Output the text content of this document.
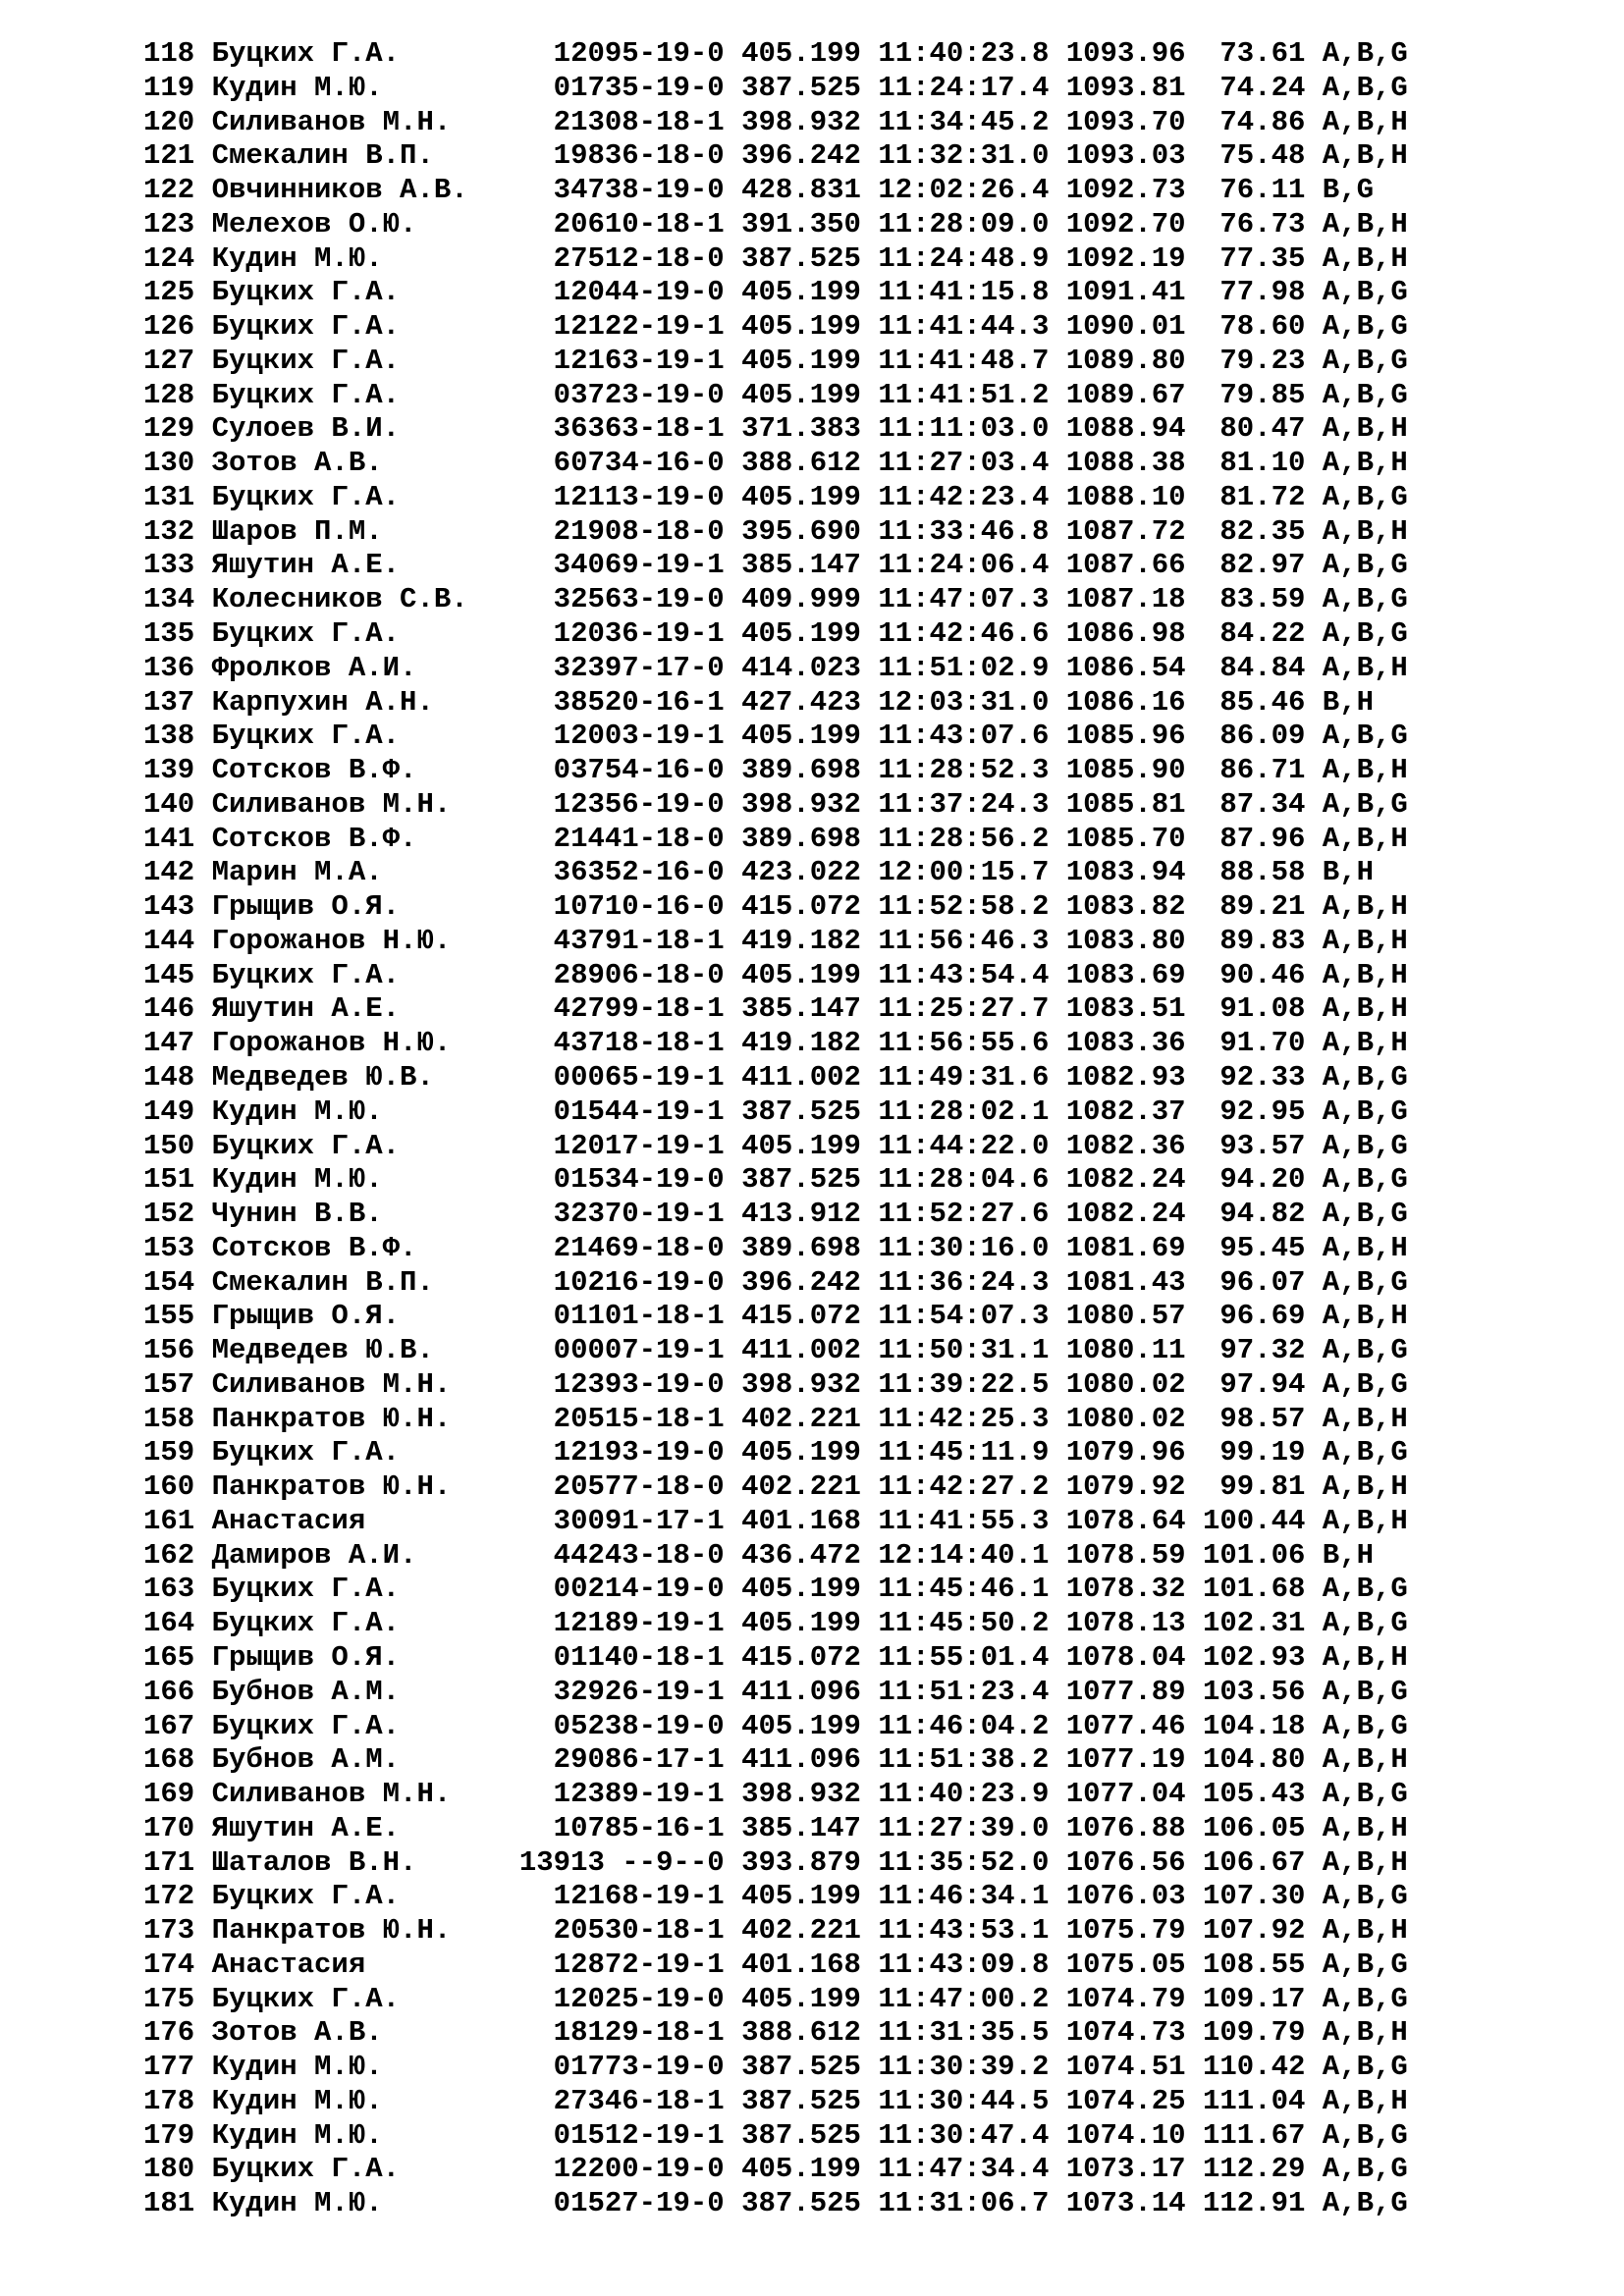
118 Буцких Г.А.         12095-19-0 405.199 11:40:23.8 1093.96  73.61 A,B,G
119 Кудин М.Ю.          01735-19-0 387.525 11:24:17.4 1093.81  74.24 A,B,G
120 Силиванов М.Н.      21308-18-1 398.932 11:34:45.2 1093.70  74.86 A,B,H
121 Смекалин В.П.       19836-18-0 396.242 11:32:31.0 1093.03  75.48 A,B,H
122 Овчинников А.В.     34738-19-0 428.831 12:02:26.4 1092.73  76.11 B,G
123 Мелехов О.Ю.        20610-18-1 391.350 11:28:09.0 1092.70  76.73 A,B,H
124 Кудин М.Ю.          27512-18-0 387.525 11:24:48.9 1092.19  77.35 A,B,H
125 Буцких Г.А.         12044-19-0 405.199 11:41:15.8 1091.41  77.98 A,B,G
126 Буцких Г.А.         12122-19-1 405.199 11:41:44.3 1090.01  78.60 A,B,G
127 Буцких Г.А.         12163-19-1 405.199 11:41:48.7 1089.80  79.23 A,B,G
128 Буцких Г.А.         03723-19-0 405.199 11:41:51.2 1089.67  79.85 A,B,G
129 Сулоев В.И.         36363-18-1 371.383 11:11:03.0 1088.94  80.47 A,B,H
130 Зотов А.В.          60734-16-0 388.612 11:27:03.4 1088.38  81.10 A,B,H
131 Буцких Г.А.         12113-19-0 405.199 11:42:23.4 1088.10  81.72 A,B,G
132 Шаров П.М.          21908-18-0 395.690 11:33:46.8 1087.72  82.35 A,B,H
133 Яшутин А.Е.         34069-19-1 385.147 11:24:06.4 1087.66  82.97 A,B,G
134 Колесников С.В.     32563-19-0 409.999 11:47:07.3 1087.18  83.59 A,B,G
135 Буцких Г.А.         12036-19-1 405.199 11:42:46.6 1086.98  84.22 A,B,G
136 Фролков А.И.        32397-17-0 414.023 11:51:02.9 1086.54  84.84 A,B,H
137 Карпухин А.Н.       38520-16-1 427.423 12:03:31.0 1086.16  85.46 B,H
138 Буцких Г.А.         12003-19-1 405.199 11:43:07.6 1085.96  86.09 A,B,G
139 Сотсков В.Ф.        03754-16-0 389.698 11:28:52.3 1085.90  86.71 A,B,H
140 Силиванов М.Н.      12356-19-0 398.932 11:37:24.3 1085.81  87.34 A,B,G
141 Сотсков В.Ф.        21441-18-0 389.698 11:28:56.2 1085.70  87.96 A,B,H
142 Марин М.А.          36352-16-0 423.022 12:00:15.7 1083.94  88.58 B,H
143 Грыщив О.Я.         10710-16-0 415.072 11:52:58.2 1083.82  89.21 A,B,H
144 Горожанов Н.Ю.      43791-18-1 419.182 11:56:46.3 1083.80  89.83 A,B,H
145 Буцких Г.А.         28906-18-0 405.199 11:43:54.4 1083.69  90.46 A,B,H
146 Яшутин А.Е.         42799-18-1 385.147 11:25:27.7 1083.51  91.08 A,B,H
147 Горожанов Н.Ю.      43718-18-1 419.182 11:56:55.6 1083.36  91.70 A,B,H
148 Медведев Ю.В.       00065-19-1 411.002 11:49:31.6 1082.93  92.33 A,B,G
149 Кудин М.Ю.          01544-19-1 387.525 11:28:02.1 1082.37  92.95 A,B,G
150 Буцких Г.А.         12017-19-1 405.199 11:44:22.0 1082.36  93.57 A,B,G
151 Кудин М.Ю.          01534-19-0 387.525 11:28:04.6 1082.24  94.20 A,B,G
152 Чунин В.В.          32370-19-1 413.912 11:52:27.6 1082.24  94.82 A,B,G
153 Сотсков В.Ф.        21469-18-0 389.698 11:30:16.0 1081.69  95.45 A,B,H
154 Смекалин В.П.       10216-19-0 396.242 11:36:24.3 1081.43  96.07 A,B,G
155 Грыщив О.Я.         01101-18-1 415.072 11:54:07.3 1080.57  96.69 A,B,H
156 Медведев Ю.В.       00007-19-1 411.002 11:50:31.1 1080.11  97.32 A,B,G
157 Силиванов М.Н.      12393-19-0 398.932 11:39:22.5 1080.02  97.94 A,B,G
158 Панкратов Ю.Н.      20515-18-1 402.221 11:42:25.3 1080.02  98.57 A,B,H
159 Буцких Г.А.         12193-19-0 405.199 11:45:11.9 1079.96  99.19 A,B,G
160 Панкратов Ю.Н.      20577-18-0 402.221 11:42:27.2 1079.92  99.81 A,B,H
161 Анастасия           30091-17-1 401.168 11:41:55.3 1078.64 100.44 A,B,H
162 Дамиров А.И.        44243-18-0 436.472 12:14:40.1 1078.59 101.06 B,H
163 Буцких Г.А.         00214-19-0 405.199 11:45:46.1 1078.32 101.68 A,B,G
164 Буцких Г.А.         12189-19-1 405.199 11:45:50.2 1078.13 102.31 A,B,G
165 Грыщив О.Я.         01140-18-1 415.072 11:55:01.4 1078.04 102.93 A,B,H
166 Бубнов А.М.         32926-19-1 411.096 11:51:23.4 1077.89 103.56 A,B,G
167 Буцких Г.А.         05238-19-0 405.199 11:46:04.2 1077.46 104.18 A,B,G
168 Бубнов А.М.         29086-17-1 411.096 11:51:38.2 1077.19 104.80 A,B,H
169 Силиванов М.Н.      12389-19-1 398.932 11:40:23.9 1077.04 105.43 A,B,G
170 Яшутин А.Е.         10785-16-1 385.147 11:27:39.0 1076.88 106.05 A,B,H
171 Шаталов В.Н.      13913 --9--0 393.879 11:35:52.0 1076.56 106.67 A,B,H
172 Буцких Г.А.         12168-19-1 405.199 11:46:34.1 1076.03 107.30 A,B,G
173 Панкратов Ю.Н.      20530-18-1 402.221 11:43:53.1 1075.79 107.92 A,B,H
174 Анастасия           12872-19-1 401.168 11:43:09.8 1075.05 108.55 A,B,G
175 Буцких Г.А.         12025-19-0 405.199 11:47:00.2 1074.79 109.17 A,B,G
176 Зотов А.В.          18129-18-1 388.612 11:31:35.5 1074.73 109.79 A,B,H
177 Кудин М.Ю.          01773-19-0 387.525 11:30:39.2 1074.51 110.42 A,B,G
178 Кудин М.Ю.          27346-18-1 387.525 11:30:44.5 1074.25 111.04 A,B,H
179 Кудин М.Ю.          01512-19-1 387.525 11:30:47.4 1074.10 111.67 A,B,G
180 Буцких Г.А.         12200-19-0 405.199 11:47:34.4 1073.17 112.29 A,B,G
181 Кудин М.Ю.          01527-19-0 387.525 11:31:06.7 1073.14 112.91 A,B,G
